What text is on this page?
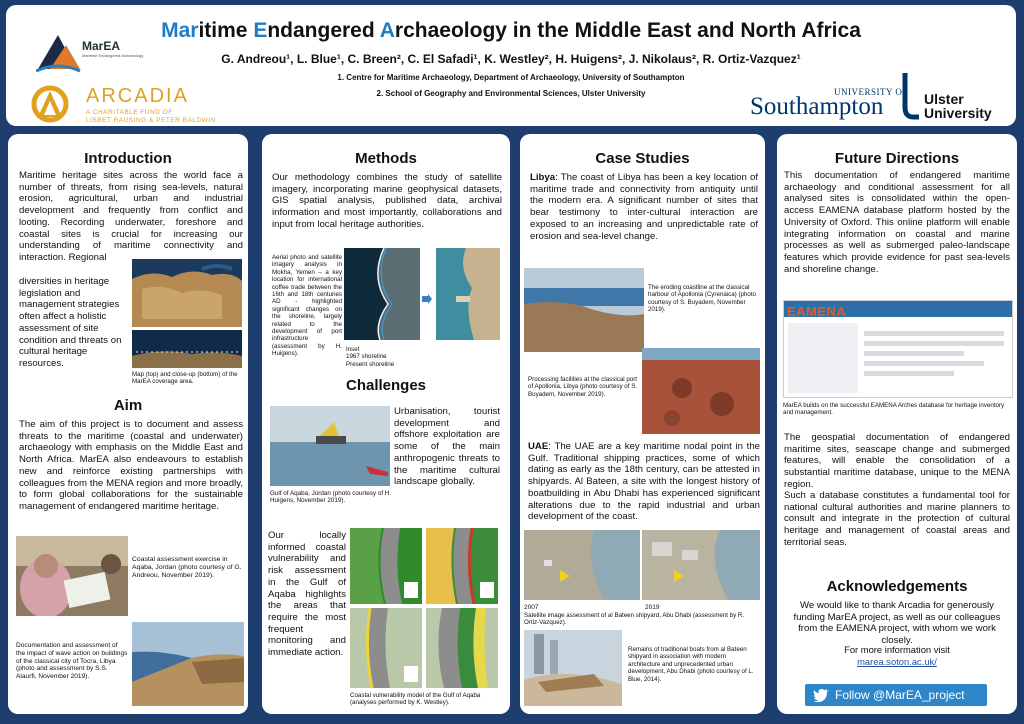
MarEA
Maritime Endangered Archaeology
ARCADIA
A CHARITABLE FUND OF
LISBET RAUSING & PETER BALDWIN
Maritime Endangered Archaeology in the Middle East and North Africa
G. Andreou¹, L. Blue¹, C. Breen², C. El Safadi¹, K. Westley², H. Huigens², J. Nikolaus², R. Ortiz-Vazquez¹
1. Centre for Maritime Archaeology, Department of Archaeology, University of Southampton
2. School of Geography and Environmental Sciences, Ulster University	UNIVERSITY OF
Southampton	Ulster
University
Introduction
Maritime heritage sites across the world face a number of threats, from rising sea-levels, natural erosion, agricultural, urban and industrial development and frequently from conflict and looting. Recording underwater, foreshore and coastal sites is crucial for increasing our understanding of maritime connectivity and interaction. Regional
diversities in heritage legislation and management strategies often affect a holistic assessment of site condition and threats on cultural heritage resources.
Map (top) and close-up (bottom) of the MarEA coverage area.
Aim
The aim of this project is to document and assess threats to the maritime (coastal and underwater) archaeology with emphasis on the Middle East and North Africa. MarEA also endeavours to establish new and reinforce existing partnerships with colleagues from the MENA region and more broadly, to form global collaborations for the sustainable management of endangered maritime heritage.
Coastal assessment exercise in Aqaba, Jordan (photo courtesy of G. Andreou, November 2019).
Documentation and assessment of the impact of wave action on buildings of the classical city of Tocra, Libya (photo and assessment by S.S. Alaurfi, November 2019).
Methods
Our methodology combines the study of satellite imagery, incorporating marine geophysical datasets, GIS spatial analysis, published data, archival information and most importantly, collaborations and input from local heritage authorities.
Aerial photo and satellite imagery analysis in Mokha, Yemen – a key location for international coffee trade between the 16th and 18th centuries AD - highlighted significant changes on the shoreline, largely related to the development of port infrastructure (assessment by H. Huigens).
Inset
1967 shoreline
Present shoreline
Challenges
Gulf of Aqaba, Jordan (photo courtesy of H. Huigens, November 2019).
Urbanisation, tourist development and offshore exploitation are some of the main anthropogenic threats to the maritime cultural landscape globally.
Our locally informed coastal vulnerability and risk assessment in the Gulf of Aqaba highlights the areas that require the most frequent monitoring and immediate action.
Coastal vulnerability model of the Gulf of Aqaba (analyses performed by K. Westley).
Case Studies
Libya: The coast of Libya has been a key location of maritime trade and connectivity from antiquity until the modern era. A significant number of sites that bear testimony to inter-cultural interaction are exposed to an increasing and unpredictable rate of erosion and sea-level change.
The eroding coastline at the classical harbour of Apollonia (Cyrenaica) (photo courtesy of S. Buyadem, November 2019).
Processing facilities at the classical port of Apollonia, Libya (photo courtesy of S. Buyadem, November 2019).
UAE: The UAE are a key maritime nodal point in the Gulf. Traditional shipping practices, some of which dating as early as the 18th century, can be attested in shipyards. Al Bateen, a site with the longest history of boatbuilding in Abu Dhabi has experienced significant alterations due to the rapid industrial and urban development of the coast.
2007	2019
Satellite image assessment of al Bateen shipyard, Abu Dhabi (assessment by R. Ortiz-Vazquez).
Remains of traditional boats from al Bateen shipyard in association with modern architecture and unprecedented urban development, Abu Dhabi (photo courtesy of L. Blue, 2014).
Future Directions
This documentation of endangered maritime archaeology and conditional assessment for all analysed sites is consolidated within the open-access EAMENA database platform hosted by the University of Oxford. This online platform will enable integrating information on coastal and marine processes as well as submerged paleo-landscape features which provide evidence for past sea-levels and shoreline change.
EAMENA
MarEA builds on the successful EAMENA Arches database for heritage inventory and management.
The geospatial documentation of endangered maritime sites, seascape change and submerged features, will enable the consolidation of a substantial maritime database, unique to the MENA region.
Such a database constitutes a fundamental tool for national cultural authorities and marine planners to consult and integrate in the protection of cultural heritage and management of coastal areas and territorial seas.
Acknowledgements
We would like to thank Arcadia for generously funding MarEA project, as well as our colleagues from the EAMENA project, with whom we work closely.
For more information visit
marea.soton.ac.uk/
Follow @MarEA_project
